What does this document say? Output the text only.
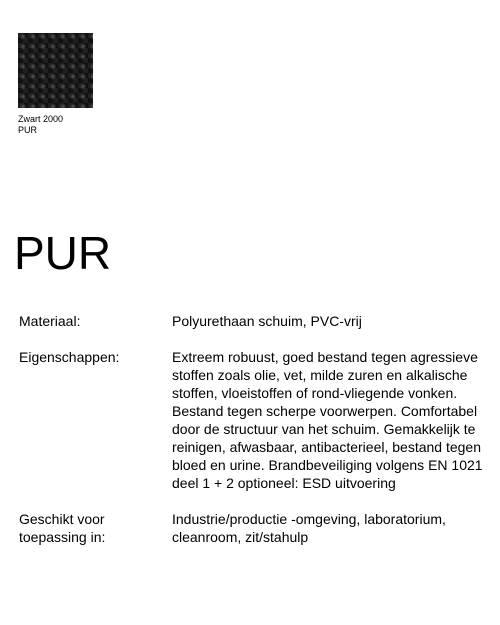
Zwart 2000
PUR
PUR
Materiaal:	Polyurethaan schuim, PVC-vrij
Eigenschappen:	Extreem robuust, goed bestand tegen agressieve stoffen zoals olie, vet, milde zuren en alkalische stoffen, vloeistoffen of rond-vliegende vonken. Bestand tegen scherpe voorwerpen. Comfortabel door de structuur van het schuim. Gemakkelijk te reinigen, afwasbaar, antibacterieel, bestand tegen bloed en urine. Brandbeveiliging volgens EN 1021 deel 1 + 2 optioneel: ESD uitvoering
Geschikt voor toepassing in:
Industrie/productie -omgeving, laboratorium, cleanroom, zit/stahulp
